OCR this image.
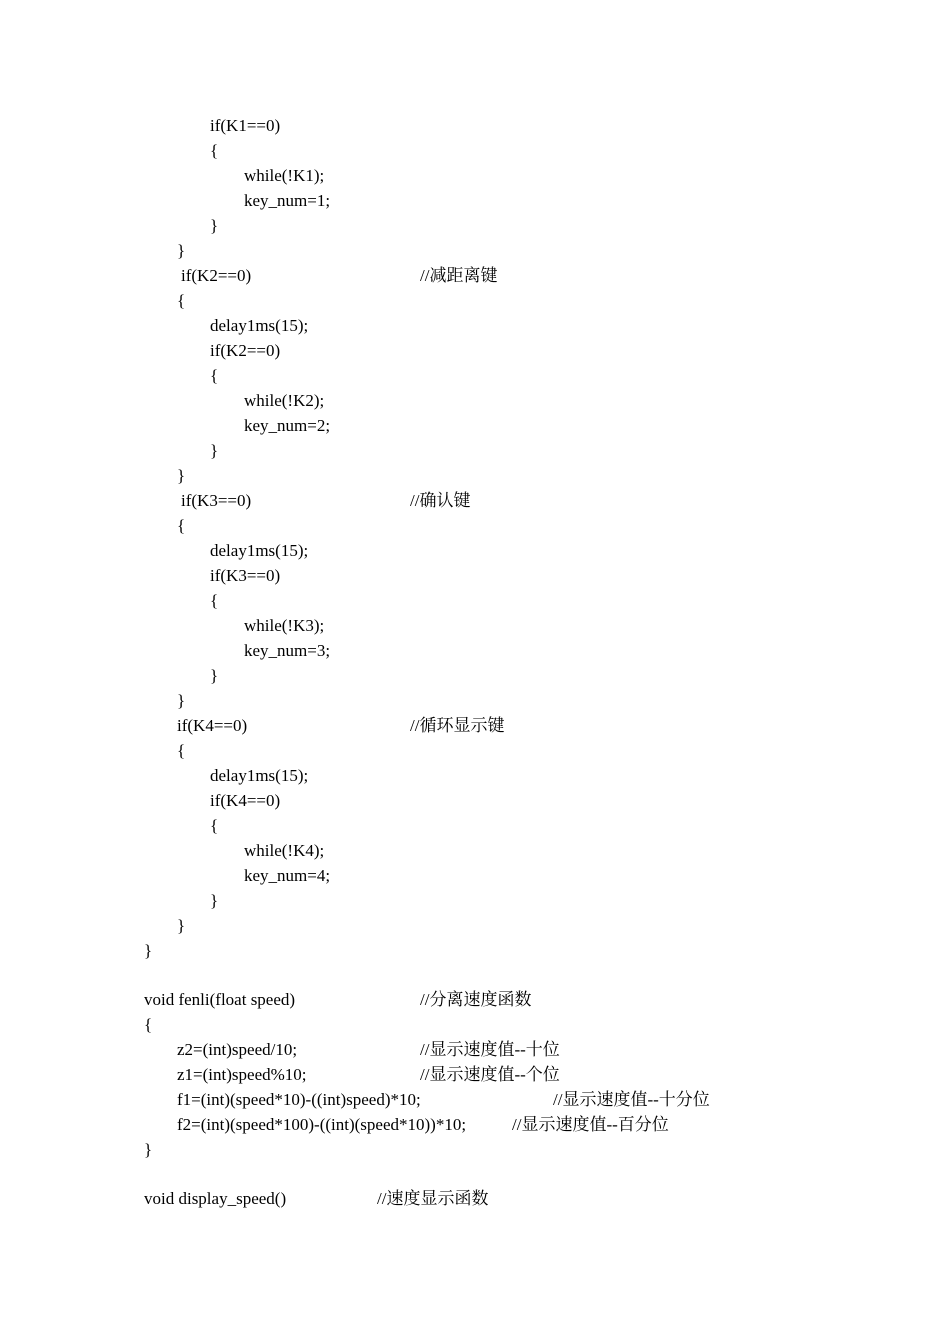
if(K1==0)
{
while(!K1);
key_num=1;
}
}
if(K2==0)	//减距离键
{
delay1ms(15);
if(K2==0)
{
while(!K2);
key_num=2;
}
}
if(K3==0)	//确认键
{
delay1ms(15);
if(K3==0)
{
while(!K3);
key_num=3;
}
}
if(K4==0)	//循环显示键
{
delay1ms(15);
if(K4==0)
{
while(!K4);
key_num=4;
}
}
}
void fenli(float speed)	//分离速度函数
{
z2=(int)speed/10;	//显示速度值--十位
z1=(int)speed%10;	//显示速度值--个位
f1=(int)(speed*10)-((int)speed)*10;	//显示速度值--十分位
f2=(int)(speed*100)-((int)(speed*10))*10;	//显示速度值--百分位
}
void display_speed()	//速度显示函数
